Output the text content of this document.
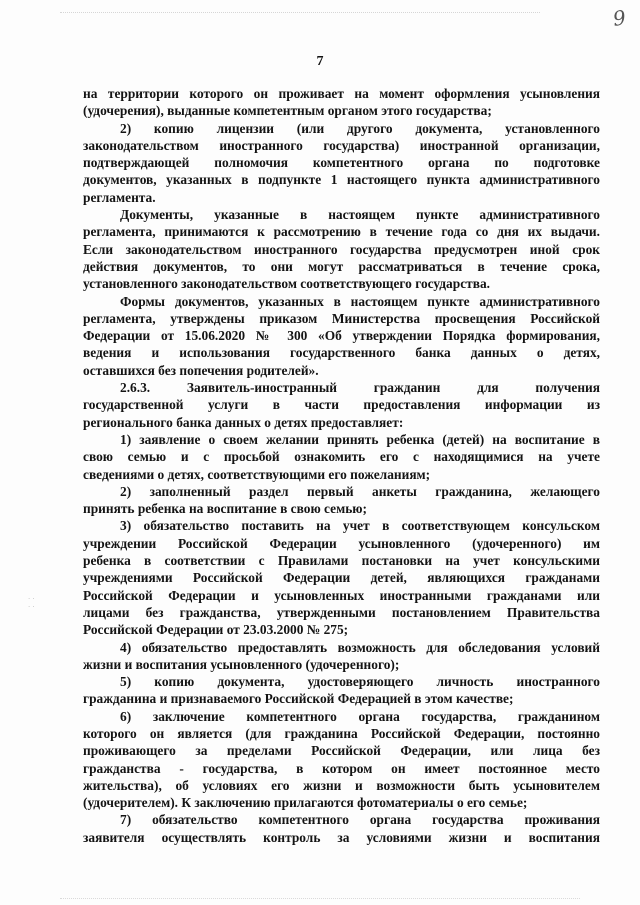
9
7
· ·
· ·
на территории которого он проживает на момент оформления усыновления
(удочерения), выданные компетентным органом этого государства;
2) копию лицензии (или другого документа, установленного
законодательством иностранного государства) иностранной организации,
подтверждающей полномочия компетентного органа по подготовке
документов, указанных в подпункте 1 настоящего пункта административного
регламента.
Документы, указанные в настоящем пункте административного
регламента, принимаются к рассмотрению в течение года со дня их выдачи.
Если законодательством иностранного государства предусмотрен иной срок
действия документов, то они могут рассматриваться в течение срока,
установленного законодательством соответствующего государства.
Формы документов, указанных в настоящем пункте административного
регламента, утверждены приказом Министерства просвещения Российской
Федерации от 15.06.2020 № 300 «Об утверждении Порядка формирования,
ведения и использования государственного банка данных о детях,
оставшихся без попечения родителей».
2.6.3. Заявитель-иностранный гражданин для получения
государственной услуги в части предоставления информации из
регионального банка данных о детях предоставляет:
1) заявление о своем желании принять ребенка (детей) на воспитание в
свою семью и с просьбой ознакомить его с находящимися на учете
сведениями о детях, соответствующими его пожеланиям;
2) заполненный раздел первый анкеты гражданина, желающего
принять ребенка на воспитание в свою семью;
3) обязательство поставить на учет в соответствующем консульском
учреждении Российской Федерации усыновленного (удочеренного) им
ребенка в соответствии с Правилами постановки на учет консульскими
учреждениями Российской Федерации детей, являющихся гражданами
Российской Федерации и усыновленных иностранными гражданами или
лицами без гражданства, утвержденными постановлением Правительства
Российской Федерации от 23.03.2000 № 275;
4) обязательство предоставлять возможность для обследования условий
жизни и воспитания усыновленного (удочеренного);
5) копию документа, удостоверяющего личность иностранного
гражданина и признаваемого Российской Федерацией в этом качестве;
6) заключение компетентного органа государства, гражданином
которого он является (для гражданина Российской Федерации, постоянно
проживающего за пределами Российской Федерации, или лица без
гражданства - государства, в котором он имеет постоянное место
жительства), об условиях его жизни и возможности быть усыновителем
(удочерителем). К заключению прилагаются фотоматериалы о его семье;
7) обязательство компетентного органа государства проживания
заявителя осуществлять контроль за условиями жизни и воспитания
